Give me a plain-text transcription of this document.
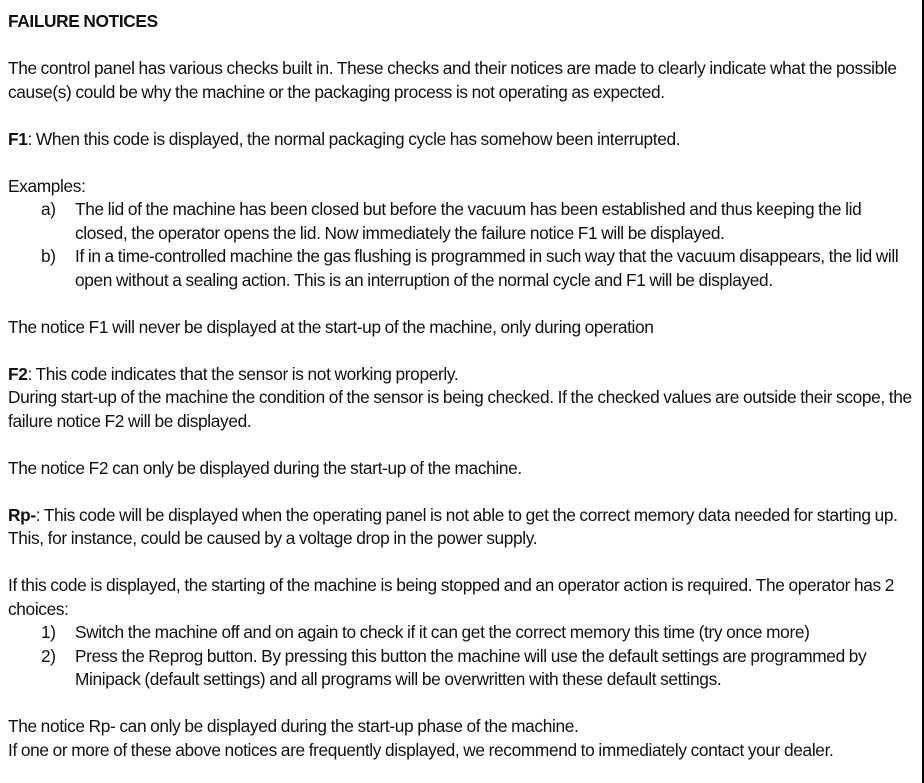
FAILURE NOTICES

The control panel has various checks built in. These checks and their notices are made to clearly indicate what the possible cause(s) could be why the machine or the packaging process is not operating as expected.

F1: When this code is displayed, the normal packaging cycle has somehow been interrupted.

Examples:

a) The lid of the machine has been closed but before the vacuum has been established and thus keeping the lid closed, the operator opens the lid. Now immediately the failure notice F1 will be displayed.
b) If in a time-controlled machine the gas flushing is programmed in such way that the vacuum disappears, the lid will open without a sealing action. This is an interruption of the normal cycle and F1 will be displayed.

The notice F1 will never be displayed at the start-up of the machine, only during operation

F2: This code indicates that the sensor is not working properly.

During start-up of the machine the condition of the sensor is being checked. If the checked values are outside their scope, the failure notice F2 will be displayed.

The notice F2 can only be displayed during the start-up of the machine.

Rp-: This code will be displayed when the operating panel is not able to get the correct memory data needed for starting up. This, for instance, could be caused by a voltage drop in the power supply.

If this code is displayed, the starting of the machine is being stopped and an operator action is required. The operator has 2 choices:

1) Switch the machine off and on again to check if it can get the correct memory this time (try once more)
2) Press the Reprog button. By pressing this button the machine will use the default settings are programmed by Minipack (default settings) and all programs will be overwritten with these default settings.

The notice Rp- can only be displayed during the start-up phase of the machine.

If one or more of these above notices are frequently displayed, we recommend to immediately contact your dealer.
